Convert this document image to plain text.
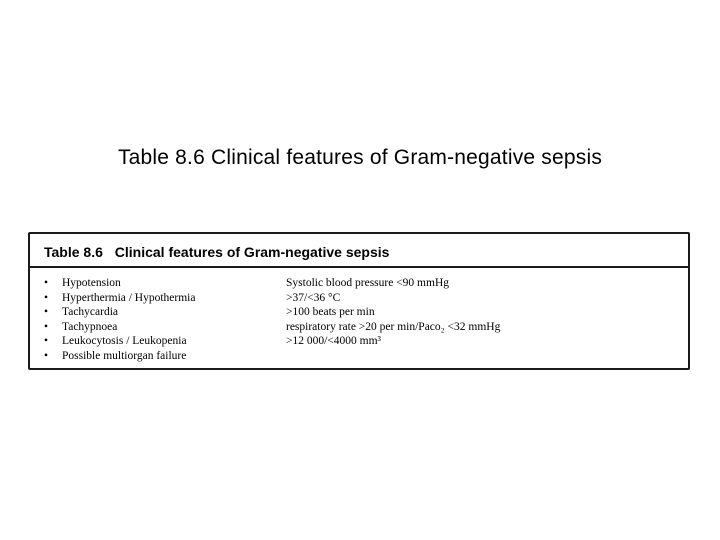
Table 8.6 Clinical features of Gram-negative sepsis
Table 8.6 Clinical features of Gram-negative sepsis
• Hypotension	Systolic blood pressure <90 mmHg
• Hyperthermia / Hypothermia	>37/<36 °C
• Tachycardia	>100 beats per min
• Tachypnoea	respiratory rate >20 per min/Paco₂ <32 mmHg
• Leukocytosis / Leukopenia	>12 000/<4000 mm³
• Possible multiorgan failure
